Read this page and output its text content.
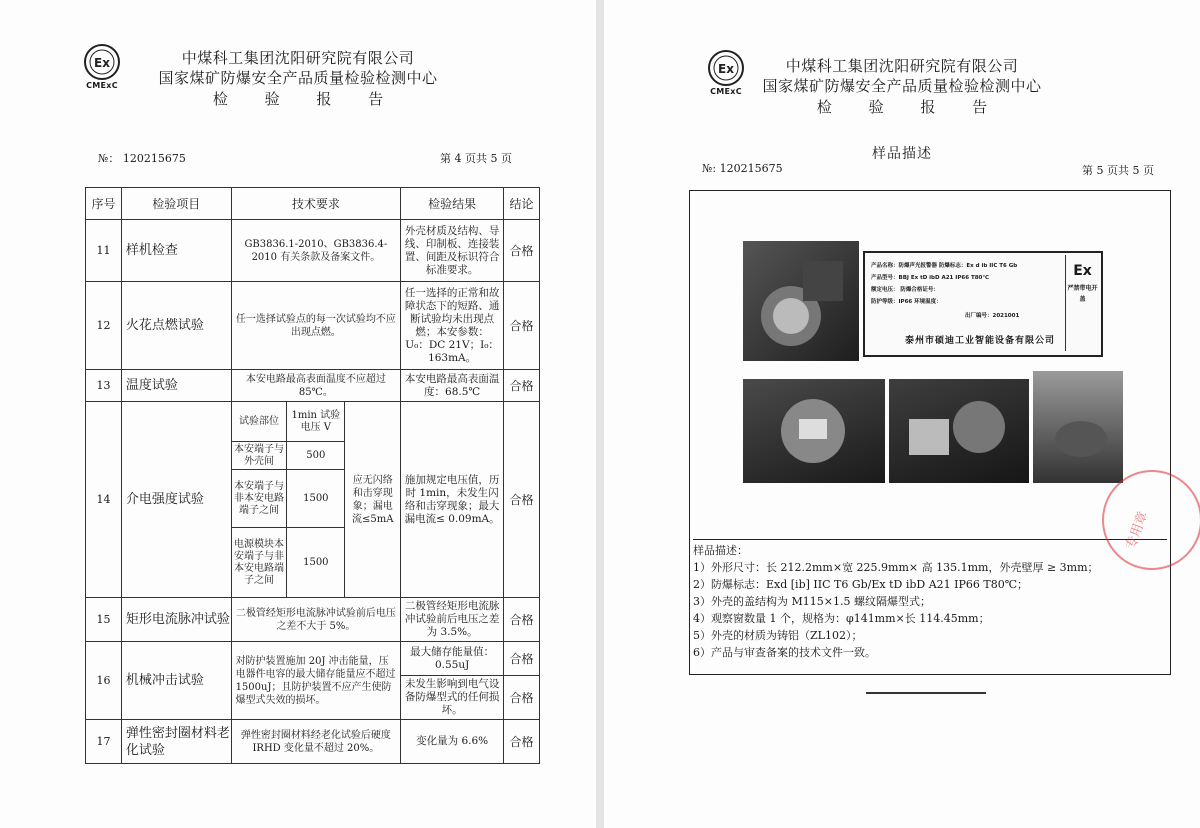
Ex
CMExC
中煤科工集团沈阳研究院有限公司
国家煤矿防爆安全产品质量检验检测中心
检 验 报 告
№： 120215675	第 4 页共 5 页
序号	检验项目	技术要求			检验结果	结论
11	样机检查	GB3836.1-2010、GB3836.4-2010 有关条款及备案文件。			外壳材质及结构、导线、印制板、连接装置、间距及标识符合标准要求。	合格
12	火花点燃试验	任一选择试验点的每一次试验均不应出现点燃。			任一选择的正常和故障状态下的短路、通断试验均未出现点燃；本安参数：U₀：DC 21V；I₀：163mA。	合格
13	温度试验	本安电路最高表面温度不应超过85℃。			本安电路最高表面温度：68.5℃	合格
14	介电强度试验	试验部位	1min 试验电压 V	应无闪络和击穿现象；漏电流≤5mA	施加规定电压值，历时 1min，未发生闪络和击穿现象；最大漏电流≤ 0.09mA。	合格
		本安端子与外壳间	500			
		本安端子与非本安电路端子之间	1500			
		电源模块本安端子与非本安电路端子之间	1500			
15	矩形电流脉冲试验	二极管经矩形电流脉冲试验前后电压之差不大于 5%。			二极管经矩形电流脉冲试验前后电压之差为 3.5%。	合格
16	机械冲击试验	对防护装置施加 20J 冲击能量，压电器件电容的最大储存能量应不超过 1500uJ；且防护装置不应产生使防爆型式失效的损坏。			最大储存能量值：0.55uJ	合格
					未发生影响到电气设备防爆型式的任何损坏。	合格
17	弹性密封圈材料老化试验	弹性密封圈材料经老化试验后硬度 IRHD 变化量不超过 20%。			变化量为 6.6%	合格
Ex
CMExC
中煤科工集团沈阳研究院有限公司
国家煤矿防爆安全产品质量检验检测中心
检 验 报 告
样品描述
№: 120215675	第 5 页共 5 页
产品名称：防爆声光报警器 防爆标志：Ex d ib IIC T6 Gb
产品型号：BBJ Ex tD ibD A21 IP66 T80℃
额定电压： 防爆合格证号：
防护等级：IP66 环境温度：
出厂编号：2021001
泰州市硕迪工业智能设备有限公司
Ex
严禁带电开盖
样品描述：
1）外形尺寸：长 212.2mm×宽 225.9mm× 高 135.1mm，外壳壁厚 ≥ 3mm；
2）防爆标志：Exd [ib] IIC T6 Gb/Ex tD ibD A21 IP66 T80℃；
3）外壳的盖结构为 M115×1.5 螺纹隔爆型式；
4）观察窗数量 1 个，规格为：φ141mm×长 114.45mm；
5）外壳的材质为铸铝（ZL102）；
6）产品与审查备案的技术文件一致。
专用章
